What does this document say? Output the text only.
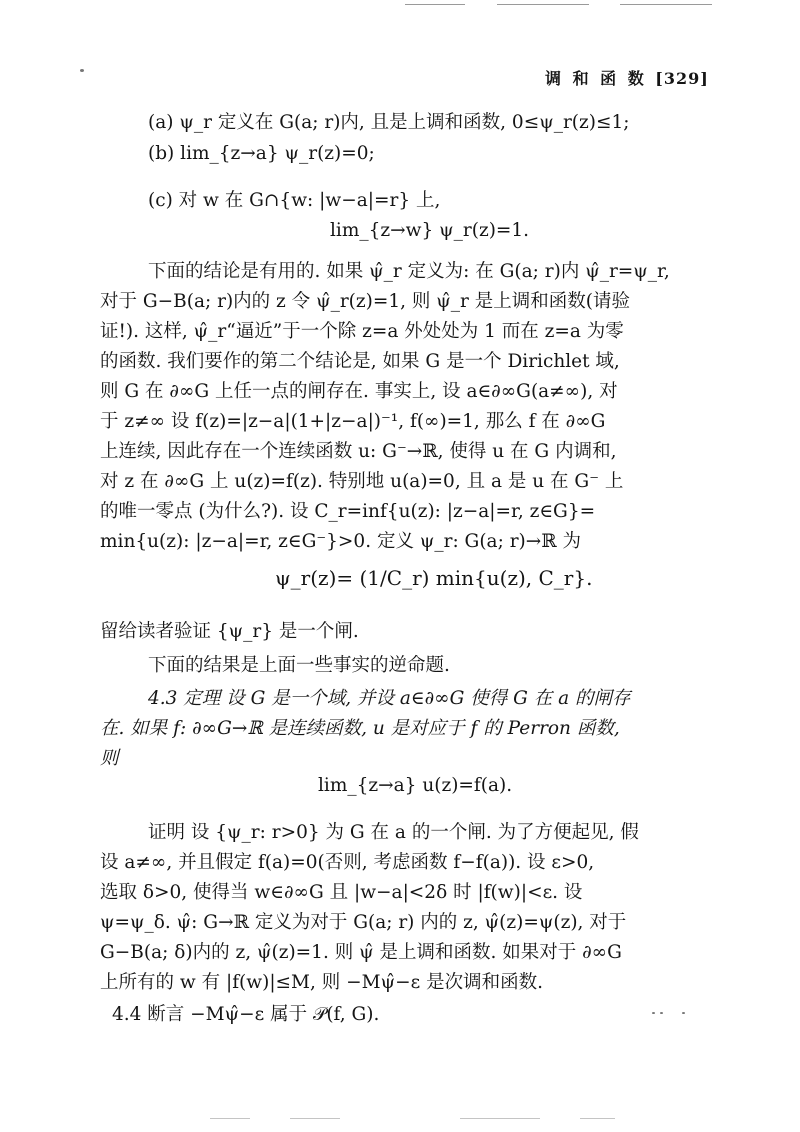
调 和 函 数 [329]
(a) ψ_r 定义在 G(a; r)内, 且是上调和函数, 0≤ψ_r(z)≤1;
(b) lim_{z→a} ψ_r(z)=0;
(c) 对 w 在 G∩{w: |w−a|=r} 上,
lim_{z→w} ψ_r(z)=1.
下面的结论是有用的. 如果 ψ̂_r 定义为: 在 G(a; r)内 ψ̂_r=ψ_r,
对于 G−B(a; r)内的 z 令 ψ̂_r(z)=1, 则 ψ̂_r 是上调和函数(请验
证!). 这样, ψ̂_r“逼近”于一个除 z=a 外处处为 1 而在 z=a 为零
的函数. 我们要作的第二个结论是, 如果 G 是一个 Dirichlet 域,
则 G 在 ∂∞G 上任一点的闸存在. 事实上, 设 a∈∂∞G(a≠∞), 对
于 z≠∞ 设 f(z)=|z−a|(1+|z−a|)⁻¹, f(∞)=1, 那么 f 在 ∂∞G
上连续, 因此存在一个连续函数 u: G⁻→ℝ, 使得 u 在 G 内调和,
对 z 在 ∂∞G 上 u(z)=f(z). 特别地 u(a)=0, 且 a 是 u 在 G⁻ 上
的唯一零点 (为什么?). 设 C_r=inf{u(z): |z−a|=r, z∈G}=
min{u(z): |z−a|=r, z∈G⁻}>0. 定义 ψ_r: G(a; r)→ℝ 为
ψ_r(z)= (1/C_r) min{u(z), C_r}.
留给读者验证 {ψ_r} 是一个闸.
下面的结果是上面一些事实的逆命题.
4.3 定理 设 G 是一个域, 并设 a∈∂∞G 使得 G 在 a 的闸存
在. 如果 f: ∂∞G→ℝ 是连续函数, u 是对应于 f 的 Perron 函数,
则
lim_{z→a} u(z)=f(a).
证明 设 {ψ_r: r>0} 为 G 在 a 的一个闸. 为了方便起见, 假
设 a≠∞, 并且假定 f(a)=0(否则, 考虑函数 f−f(a)). 设 ε>0,
选取 δ>0, 使得当 w∈∂∞G 且 |w−a|<2δ 时 |f(w)|<ε. 设
ψ=ψ_δ. ψ̂: G→ℝ 定义为对于 G(a; r) 内的 z, ψ̂(z)=ψ(z), 对于
G−B(a; δ)内的 z, ψ̂(z)=1. 则 ψ̂ 是上调和函数. 如果对于 ∂∞G
上所有的 w 有 |f(w)|≤M, 则 −Mψ̂−ε 是次调和函数.
4.4 断言 −Mψ̂−ε 属于 𝒫(f, G).
